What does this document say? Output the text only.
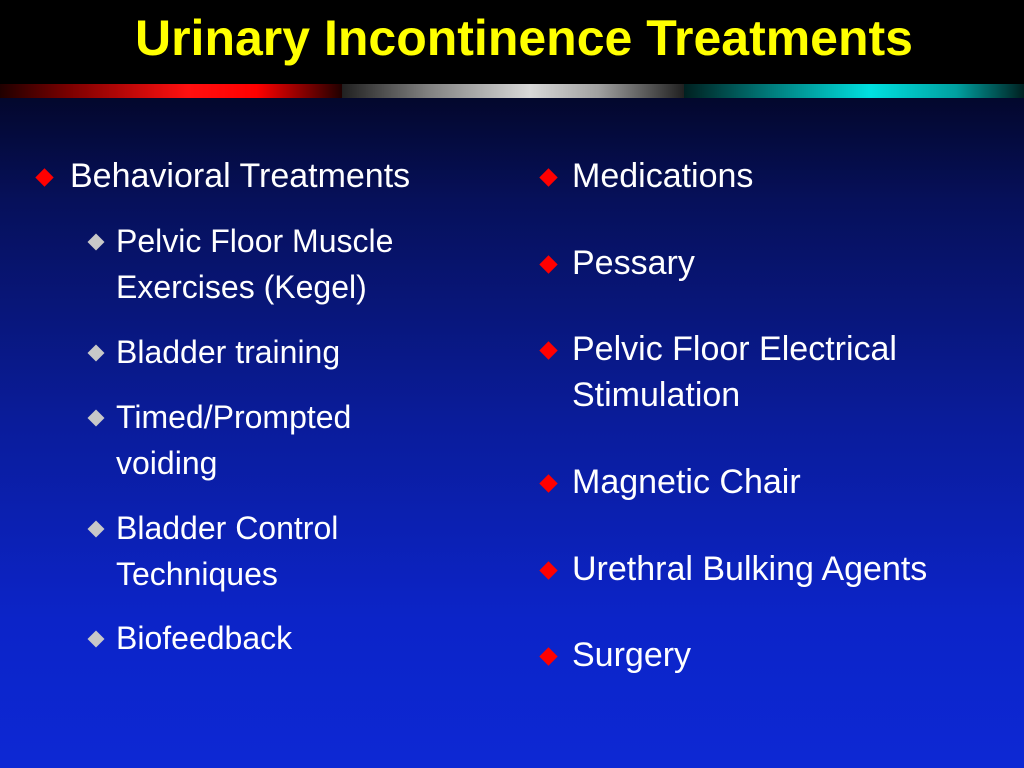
Urinary Incontinence Treatments
Behavioral Treatments
Pelvic Floor Muscle
Exercises (Kegel)
Bladder training
Timed/Prompted
voiding
Bladder Control
Techniques
Biofeedback
Medications
Pessary
Pelvic Floor Electrical
Stimulation
Magnetic Chair
Urethral Bulking Agents
Surgery
